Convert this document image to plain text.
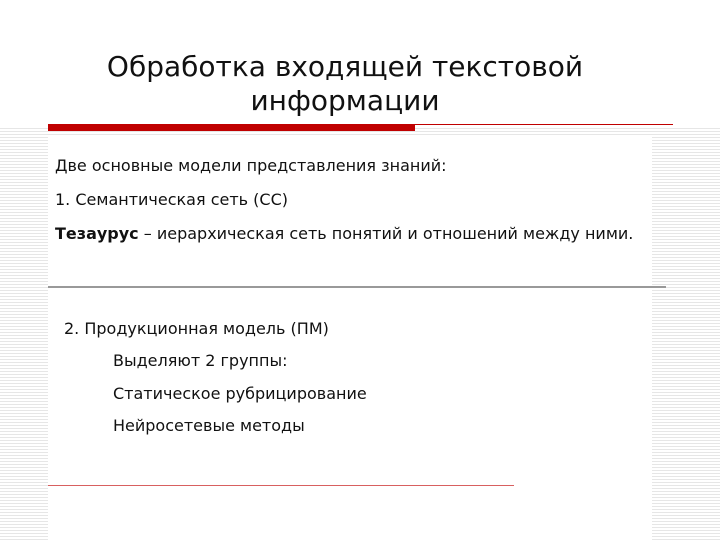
Обработка входящей текстовой
информации
Две основные модели представления знаний:
1. Семантическая сеть (СС)
Тезаурус – иерархическая сеть понятий и отношений между ними.
2. Продукционная модель (ПМ)
Выделяют 2 группы:
Статическое рубрицирование
Нейросетевые методы
